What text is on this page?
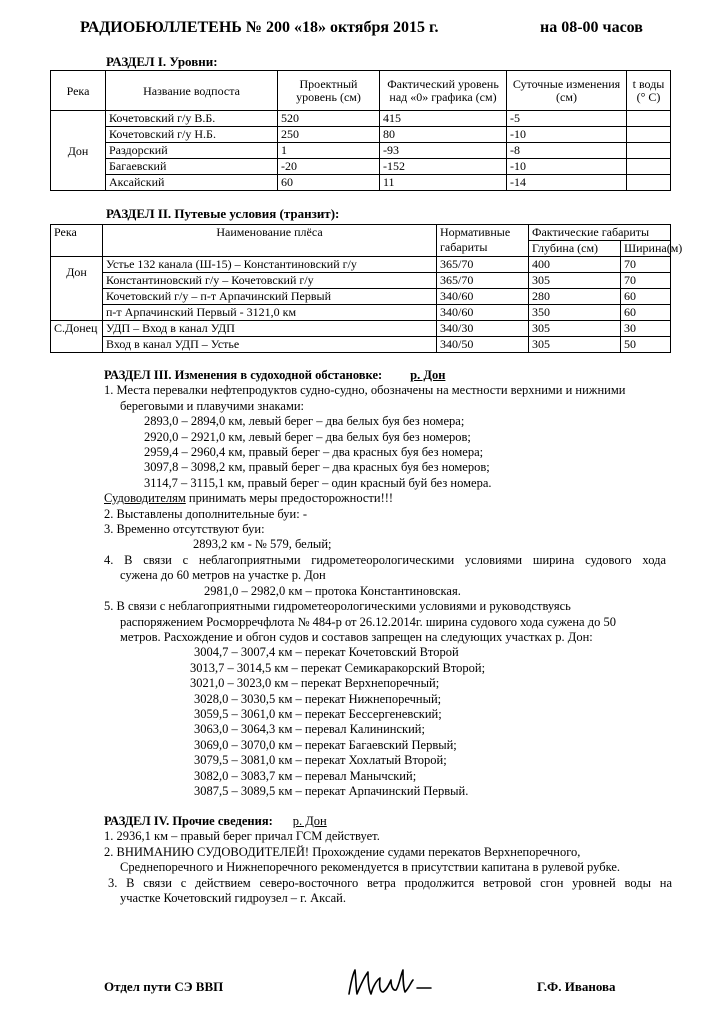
РАДИОБЮЛЛЕТЕНЬ № 200 «18» октября 2015 г.	на 08-00 часов
РАЗДЕЛ I. Уровни:
Река	Название водпоста	Проектный уровень (см)	Фактический уровень над «0» графика (см)	Суточные изменения (см)	t воды (° С)
Дон	Кочетовский г/у В.Б.	520	415	-5	
	Кочетовский г/у Н.Б.	250	80	-10	
	Раздорский	1	-93	-8	
	Багаевский	-20	-152	-10	
	Аксайский	60	11	-14	
РАЗДЕЛ II. Путевые условия (транзит):
Река	Наименование плёса	Нормативные габариты	Фактические габариты	
			Глубина (см)	Ширина(м)
Дон	Устье 132 канала (Ш-15) – Константиновский г/у	365/70	400	70
	Константиновский г/у – Кочетовский г/у	365/70	305	70
	Кочетовский г/у – п-т Арпачинский Первый	340/60	280	60
	п-т Арпачинский Первый - 3121,0 км	340/60	350	60
С.Донец	УДП – Вход в канал УДП	340/30	305	30
	Вход в канал УДП – Устье	340/50	305	50

РАЗДЕЛ III. Изменения в судоходной обстановке: р. Дон

1. Места перевалки нефтепродуктов судно-судно, обозначены на местности верхними и нижними

береговыми и плавучими знаками:

2893,0 – 2894,0 км, левый берег – два белых буя без номера;

2920,0 – 2921,0 км, левый берег – два белых буя без номеров;

2959,4 – 2960,4 км, правый берег – два красных буя без номера;

3097,8 – 3098,2 км, правый берег – два красных буя без номеров;

3114,7 – 3115,1 км, правый берег – один красный буй без номера.

Судоводителям принимать меры предосторожности!!!

2. Выставлены дополнительные буи: -

3. Временно отсутствуют буи:

2893,2 км - № 579, белый;

4. В связи с неблагоприятными гидрометеорологическими условиями ширина судового хода

сужена до 60 метров на участке р. Дон

2981,0 – 2982,0 км – протока Константиновская.

5. В связи с неблагоприятными гидрометеорологическими условиями и руководствуясь

распоряжением Росморречфлота № 484-р от 26.12.2014г. ширина судового хода сужена до 50

метров. Расхождение и обгон судов и составов запрещен на следующих участках р. Дон:

3004,7 – 3007,4 км – перекат Кочетовский Второй

3013,7 – 3014,5 км – перекат Семикаракорский Второй;

3021,0 – 3023,0 км – перекат Верхнепоречный;

3028,0 – 3030,5 км – перекат Нижнепоречный;

3059,5 – 3061,0 км – перекат Бессергеневский;

3063,0 – 3064,3 км – перевал Калининский;

3069,0 – 3070,0 км – перекат Багаевский Первый;

3079,5 – 3081,0 км – перекат Хохлатый Второй;

3082,0 – 3083,7 км – перевал Манычский;

3087,5 – 3089,5 км – перекат Арпачинский Первый.

РАЗДЕЛ IV. Прочие сведения: р. Дон

1. 2936,1 км – правый берег причал ГСМ действует.

2. ВНИМАНИЮ СУДОВОДИТЕЛЕЙ! Прохождение судами перекатов Верхнепоречного,

Среднепоречного и Нижнепоречного рекомендуется в присутствии капитана в рулевой рубке.

3. В связи с действием северо-восточного ветра продолжится ветровой сгон уровней воды на

участке Кочетовский гидроузел – г. Аксай.

Отдел пути СЭ ВВП	Г.Ф. Иванова
